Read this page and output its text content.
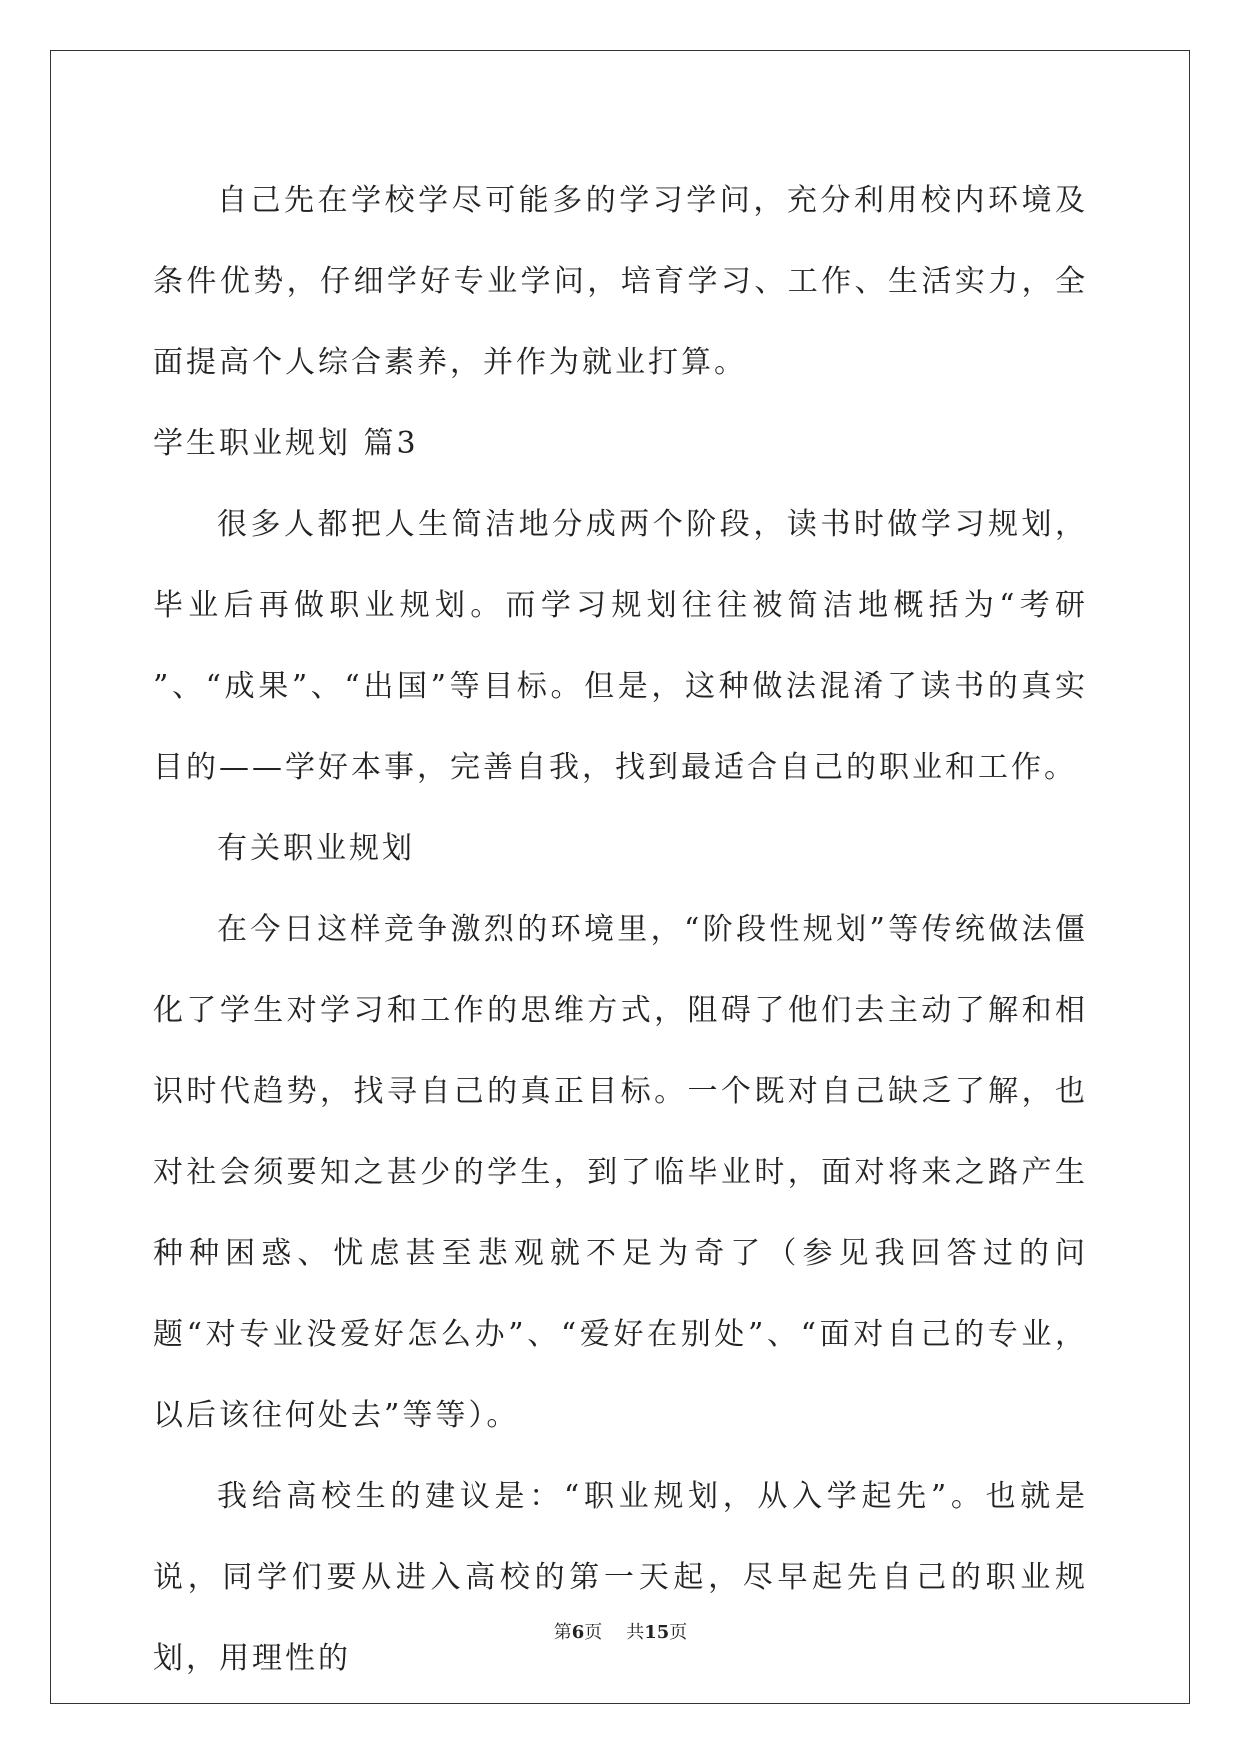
自己先在学校学尽可能多的学习学问，充分利用校内环境及条件优势，仔细学好专业学问，培育学习、工作、生活实力，全面提高个人综合素养，并作为就业打算。

学生职业规划 篇3

很多人都把人生简洁地分成两个阶段，读书时做学习规划，毕业后再做职业规划。而学习规划往往被简洁地概括为“考研 ”、“成果”、“出国”等目标。但是，这种做法混淆了读书的真实目的——学好本事，完善自我，找到最适合自己的职业和工作。

有关职业规划

在今日这样竞争激烈的环境里，“阶段性规划”等传统做法僵化了学生对学习和工作的思维方式，阻碍了他们去主动了解和相识时代趋势，找寻自己的真正目标。一个既对自己缺乏了解，也对社会须要知之甚少的学生，到了临毕业时，面对将来之路产生种种困惑、忧虑甚至悲观就不足为奇了（参见我回答过的问题“对专业没爱好怎么办”、“爱好在别处”、“面对自己的专业，以后该往何处去”等等）。

我给高校生的建议是：“职业规划，从入学起先”。也就是说，同学们要从进入高校的第一天起，尽早起先自己的职业规划，用理性的

第6页 共15页
